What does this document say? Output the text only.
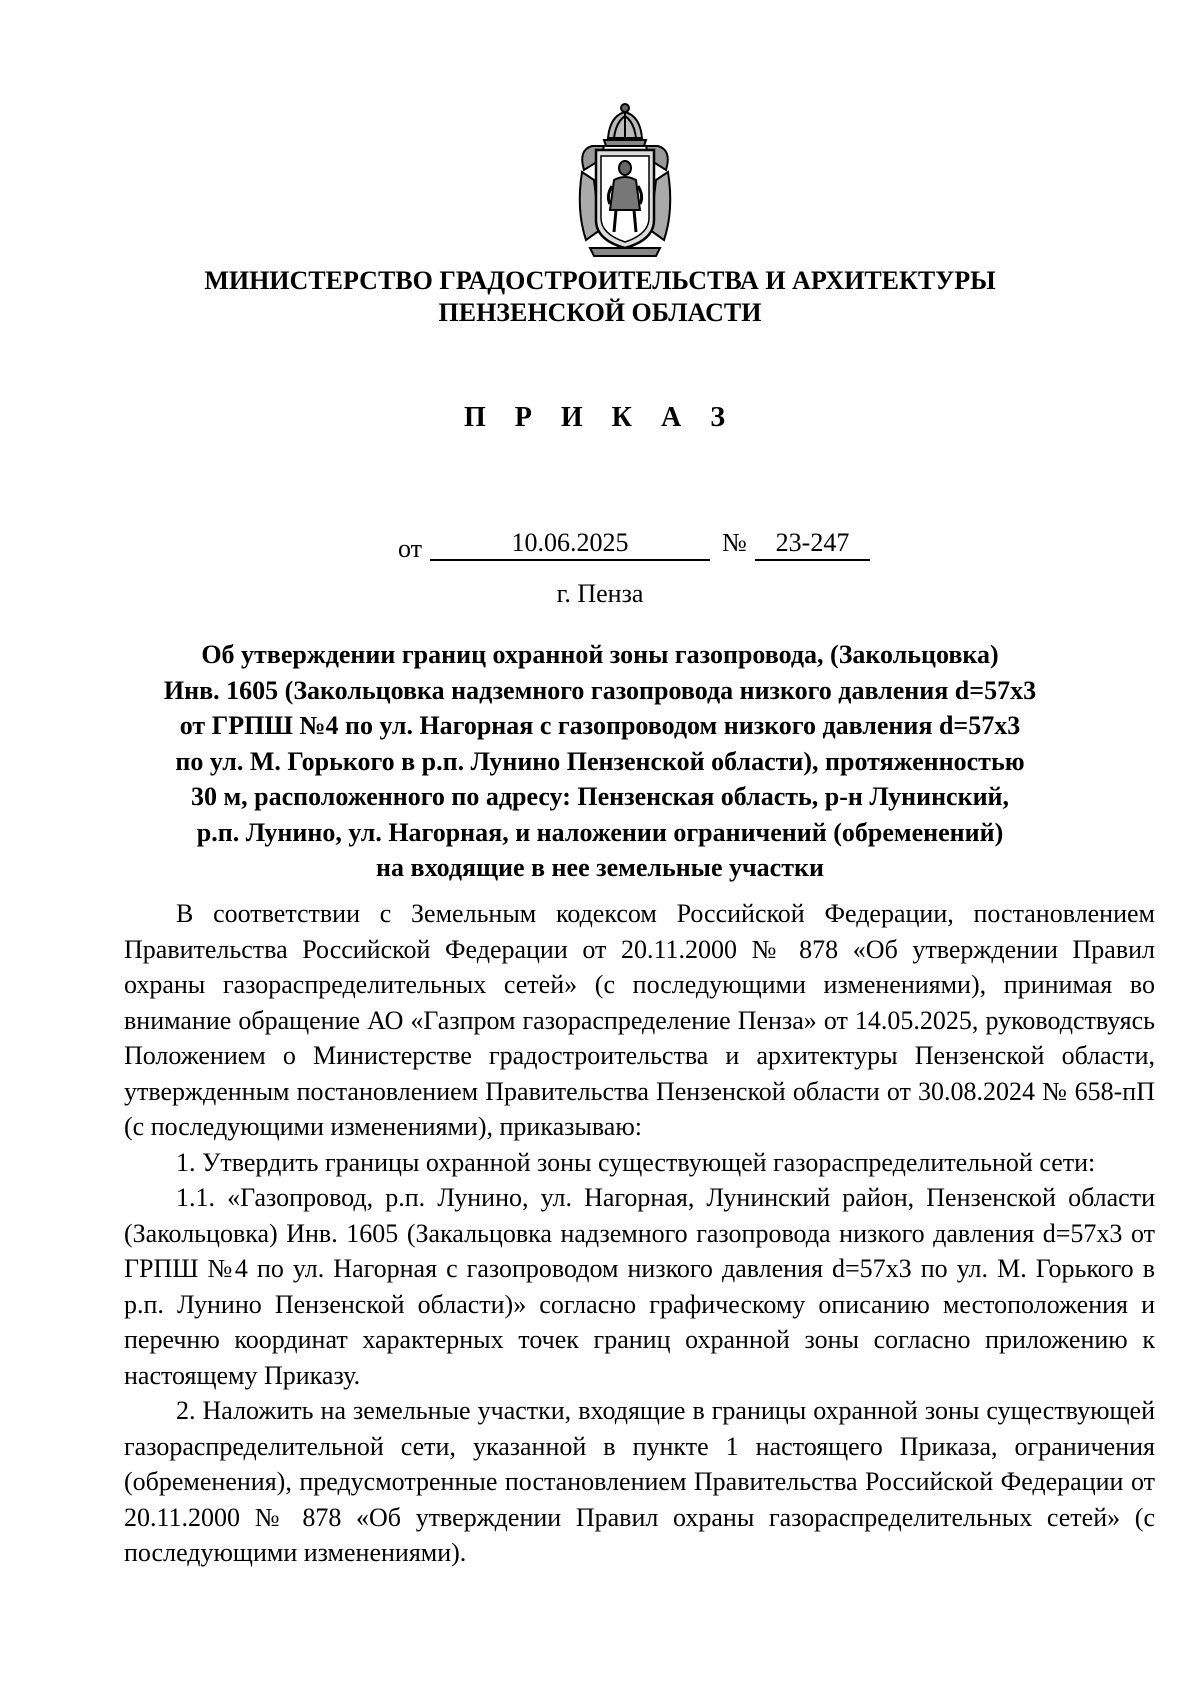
МИНИСТЕРСТВО ГРАДОСТРОИТЕЛЬСТВА И АРХИТЕКТУРЫ
ПЕНЗЕНСКОЙ ОБЛАСТИ
П Р И К А З
от	10.06.2025	№	23-247
г. Пенза
Об утверждении границ охранной зоны газопровода, (Закольцовка)
Инв. 1605 (Закольцовка надземного газопровода низкого давления d=57x3
от ГРПШ №4 по ул. Нагорная с газопроводом низкого давления d=57x3
по ул. М. Горького в р.п. Лунино Пензенской области), протяженностью
30 м, расположенного по адресу: Пензенская область, р-н Лунинский,
р.п. Лунино, ул. Нагорная, и наложении ограничений (обременений)
на входящие в нее земельные участки

В соответствии с Земельным кодексом Российской Федерации, постановлением Правительства Российской Федерации от 20.11.2000 № 878 «Об утверждении Правил охраны газораспределительных сетей» (с последующими изменениями), принимая во внимание обращение АО «Газпром газораспределение Пенза» от 14.05.2025, руководствуясь Положением о Министерстве градостроительства и архитектуры Пензенской области, утвержденным постановлением Правительства Пензенской области от 30.08.2024 № 658-пП (с последующими изменениями), приказываю:

1. Утвердить границы охранной зоны существующей газораспределительной сети:

1.1. «Газопровод, р.п. Лунино, ул. Нагорная, Лунинский район, Пензенской области (Закольцовка) Инв. 1605 (Закальцовка надземного газопровода низкого давления d=57x3 от ГРПШ №4 по ул. Нагорная с газопроводом низкого давления d=57x3 по ул. М. Горького в р.п. Лунино Пензенской области)» согласно графическому описанию местоположения и перечню координат характерных точек границ охранной зоны согласно приложению к настоящему Приказу.

2. Наложить на земельные участки, входящие в границы охранной зоны существующей газораспределительной сети, указанной в пункте 1 настоящего Приказа, ограничения (обременения), предусмотренные постановлением Правительства Российской Федерации от 20.11.2000 № 878 «Об утверждении Правил охраны газораспределительных сетей» (с последующими изменениями).
